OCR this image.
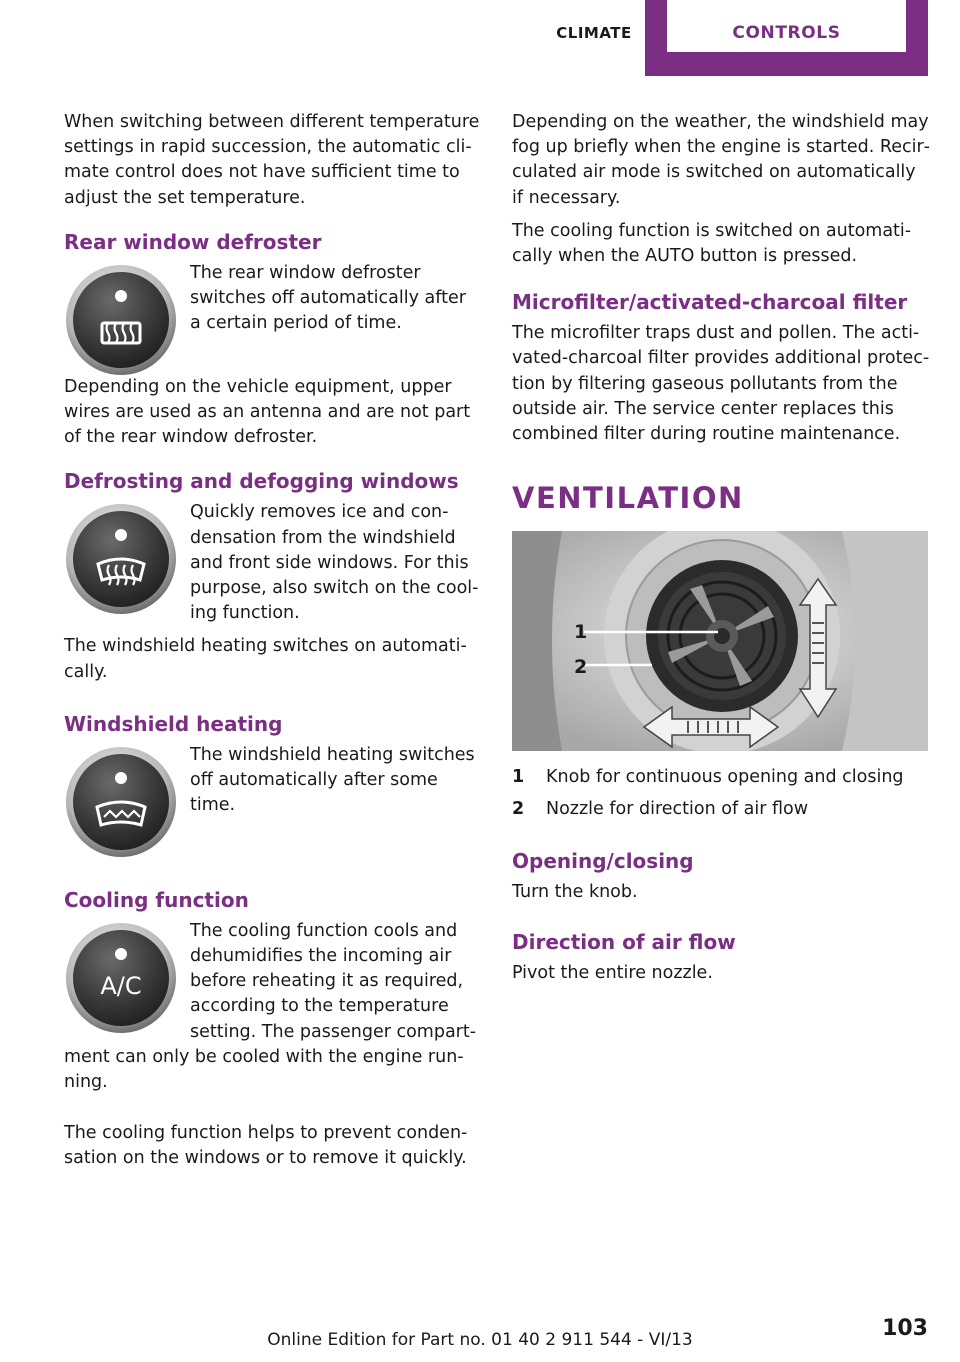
CLIMATE	CONTROLS

When switching between different temperature settings in rapid succession, the automatic cli‐ mate control does not have sufficient time to adjust the set temperature.

Rear window defroster

The rear window defroster switches off automatically after a certain period of time.

Depending on the vehicle equipment, upper wires are used as an antenna and are not part of the rear window defroster.

Defrosting and defogging windows

Quickly removes ice and con‐ densation from the windshield and front side windows. For this purpose, also switch on the cool‐ ing function.

The windshield heating switches on automati‐ cally.

Windshield heating

The windshield heating switches off automatically after some time.

Cooling function
A/C

The cooling function cools and dehumidifies the incoming air before reheating it as required, according to the temperature setting. The passenger compart‐ ment can only be cooled with the engine run‐ ning.

The cooling function helps to prevent conden‐ sation on the windows or to remove it quickly.

Depending on the weather, the windshield may fog up briefly when the engine is started. Recir‐ culated air mode is switched on automatically if necessary.

The cooling function is switched on automati‐ cally when the AUTO button is pressed.

Microfilter/activated-charcoal filter

The microfilter traps dust and pollen. The acti‐ vated-charcoal filter provides additional protec‐ tion by filtering gaseous pollutants from the outside air. The service center replaces this combined filter during routine maintenance.

VENTILATION
1
2
1	Knob for continuous opening and closing
2	Nozzle for direction of air flow
Opening/closing

Turn the knob.

Direction of air flow

Pivot the entire nozzle.

103
Online Edition for Part no. 01 40 2 911 544 - VI/13
